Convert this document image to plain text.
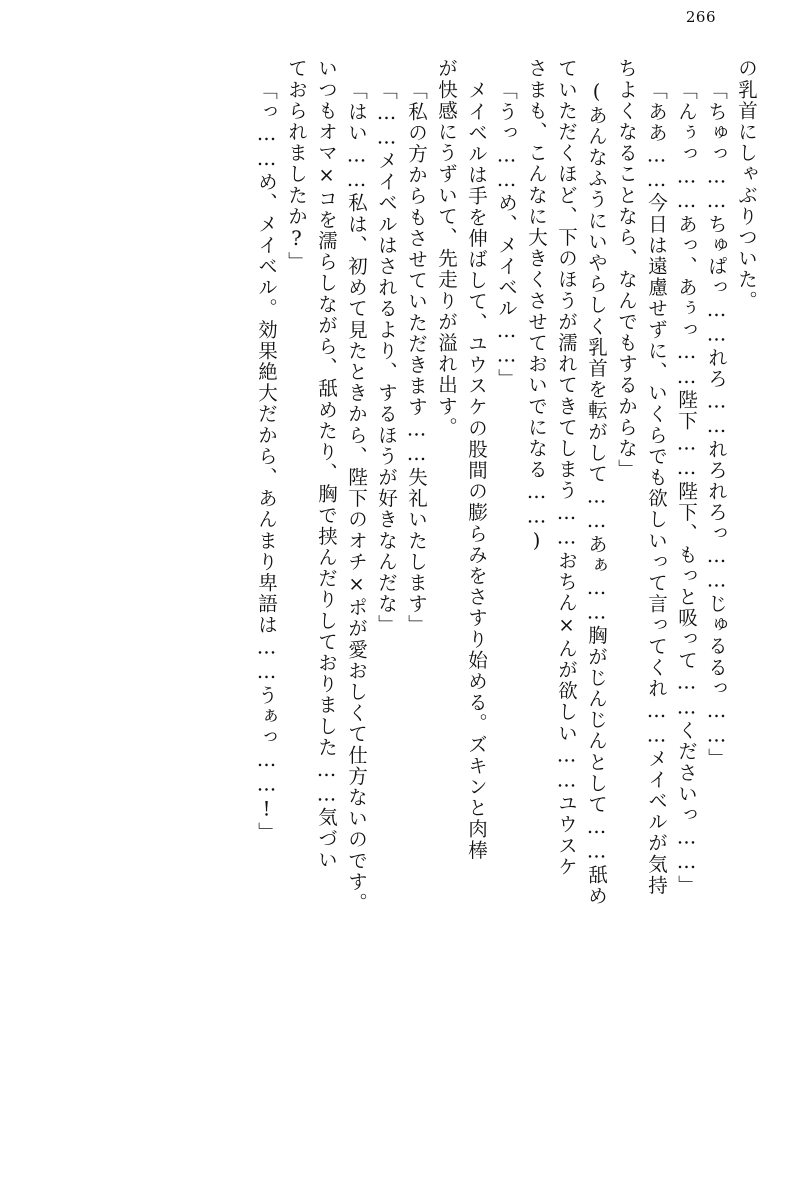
266
の乳首にしゃぶりついた。
「ちゅっ……ちゅぱっ……れろ……れろれろっ……じゅるるっ……」
「んぅっ……あっ、あぅっ……陛下……陛下、もっと吸って……くださいっ……」
「ああ……今日は遠慮せずに、いくらでも欲しいって言ってくれ……メイベルが気持
ちよくなることなら、なんでもするからな」
(あんなふうにいやらしく乳首を転がして……あぁ……胸がじんじんとして……舐め
ていただくほど、下のほうが濡れてきてしまう……おちん×んが欲しい……ユウスケ
さまも、こんなに大きくさせておいでになる……)
「うっ……め、メイベル……」
メイベルは手を伸ばして、ユウスケの股間の膨らみをさすり始める。ズキンと肉棒
が快感にうずいて、先走りが溢れ出す。
「私の方からもさせていただきます……失礼いたします」
「……メイベルはされるより、するほうが好きなんだな」
「はい……私は、初めて見たときから、陛下のオチ×ポが愛おしくて仕方ないのです。
いつもオマ×コを濡らしながら、舐めたり、胸で挟んだりしておりました……気づい
ておられましたか?」
「っ……め、メイベル。効果絶大だから、あんまり卑語は……うぁっ……!」
